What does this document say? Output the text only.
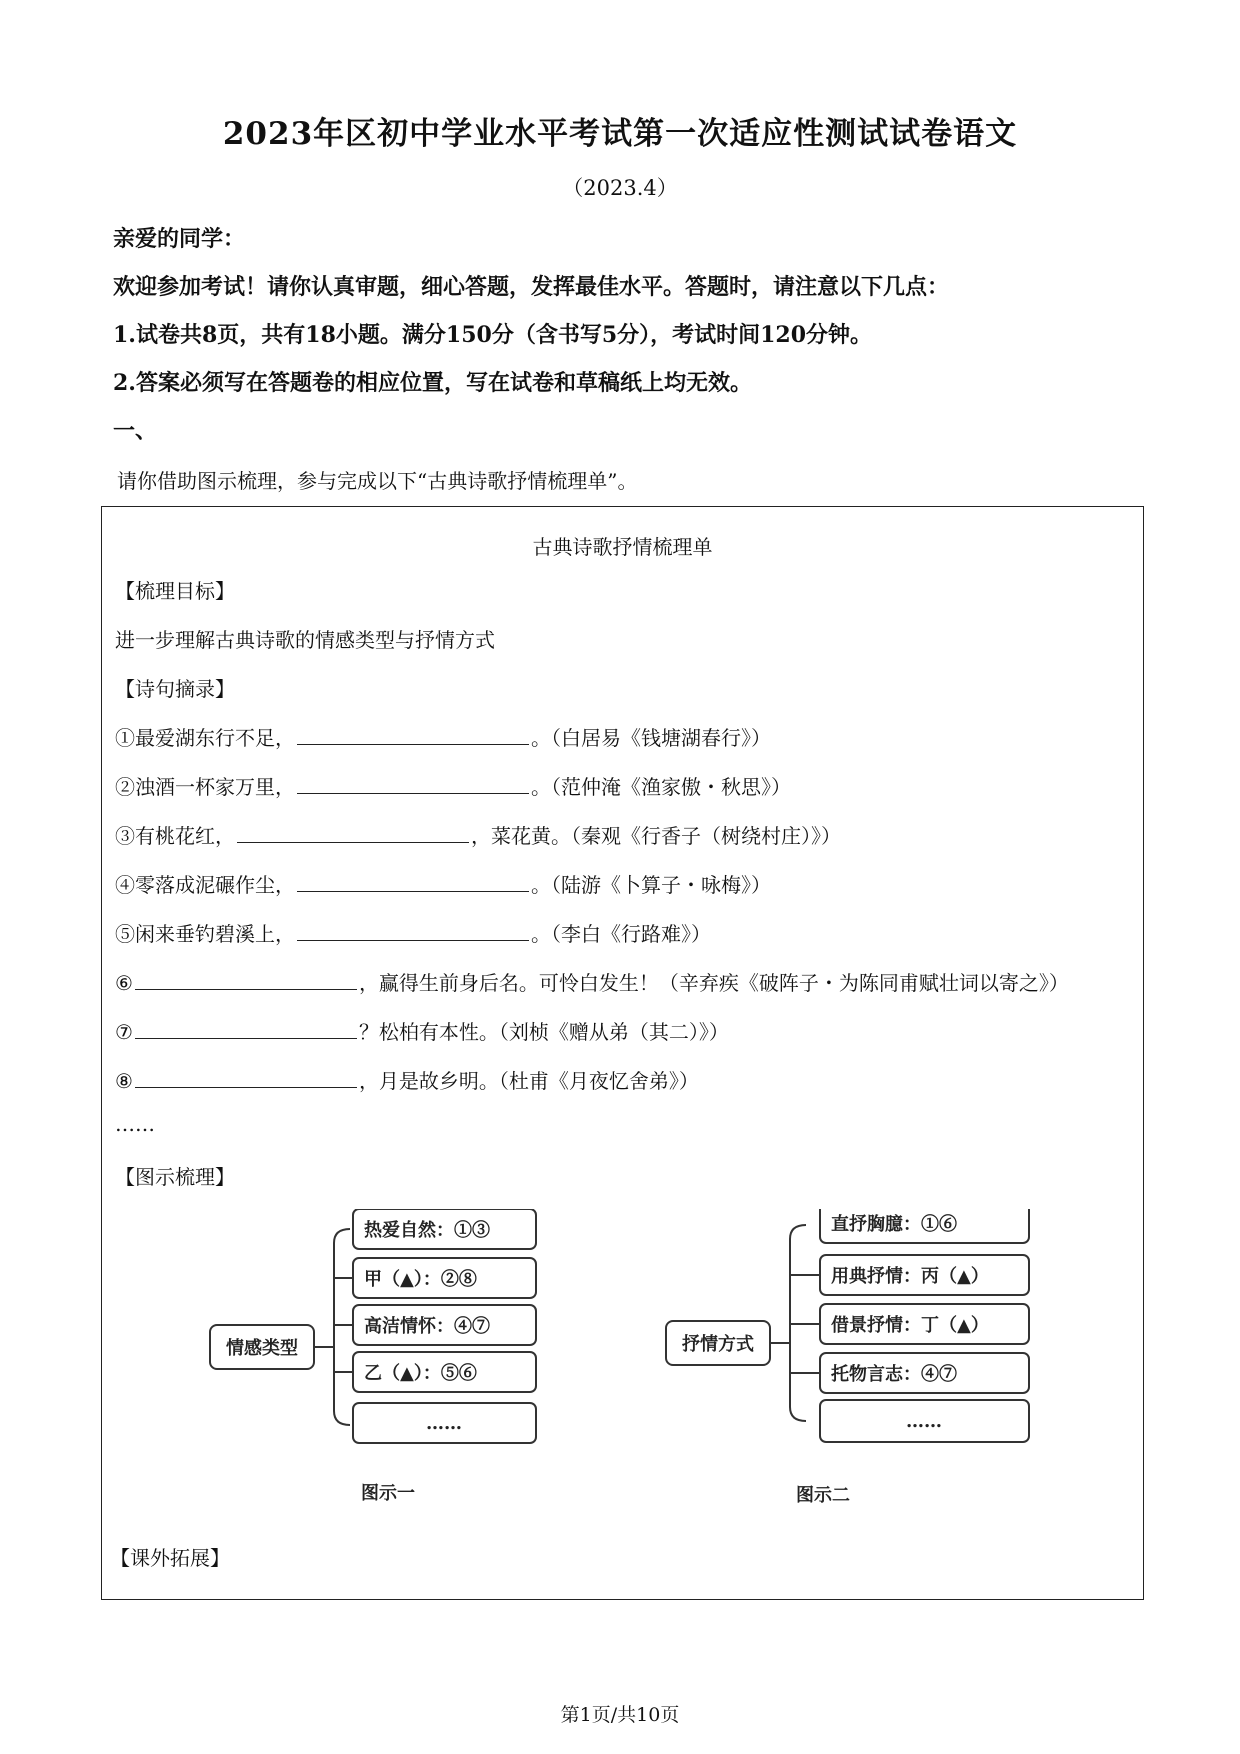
2023年区初中学业水平考试第一次适应性测试试卷语文
（2023.4）
亲爱的同学：
欢迎参加考试！请你认真审题，细心答题，发挥最佳水平。答题时，请注意以下几点：
1.试卷共8页，共有18小题。满分150分（含书写5分），考试时间120分钟。
2.答案必须写在答题卷的相应位置，写在试卷和草稿纸上均无效。
一、
请你借助图示梳理，参与完成以下“古典诗歌抒情梳理单”。
古典诗歌抒情梳理单
【梳理目标】
进一步理解古典诗歌的情感类型与抒情方式
【诗句摘录】
①最爱湖东行不足，	。（白居易《钱塘湖春行》）
②浊酒一杯家万里，	。（范仲淹《渔家傲・秋思》）
③有桃花红，	，菜花黄。（秦观《行香子（树绕村庄）》）
④零落成泥碾作尘，	。（陆游《卜算子・咏梅》）
⑤闲来垂钓碧溪上，	。（李白《行路难》）
⑥	，赢得生前身后名。可怜白发生！（辛弃疾《破阵子・为陈同甫赋壮词以寄之》）
⑦	？松柏有本性。（刘桢《赠从弟（其二）》）
⑧	，月是故乡明。（杜甫《月夜忆舍弟》）
……
【图示梳理】
情感类型
热爱自然：①③
甲（▲）：②⑧
高洁情怀：④⑦
乙（▲）：⑤⑥
……
图示一
抒情方式
直抒胸臆：①⑥
用典抒情：丙（▲）
借景抒情：丁（▲）
托物言志：④⑦
……
图示二
【课外拓展】
第1页/共10页
